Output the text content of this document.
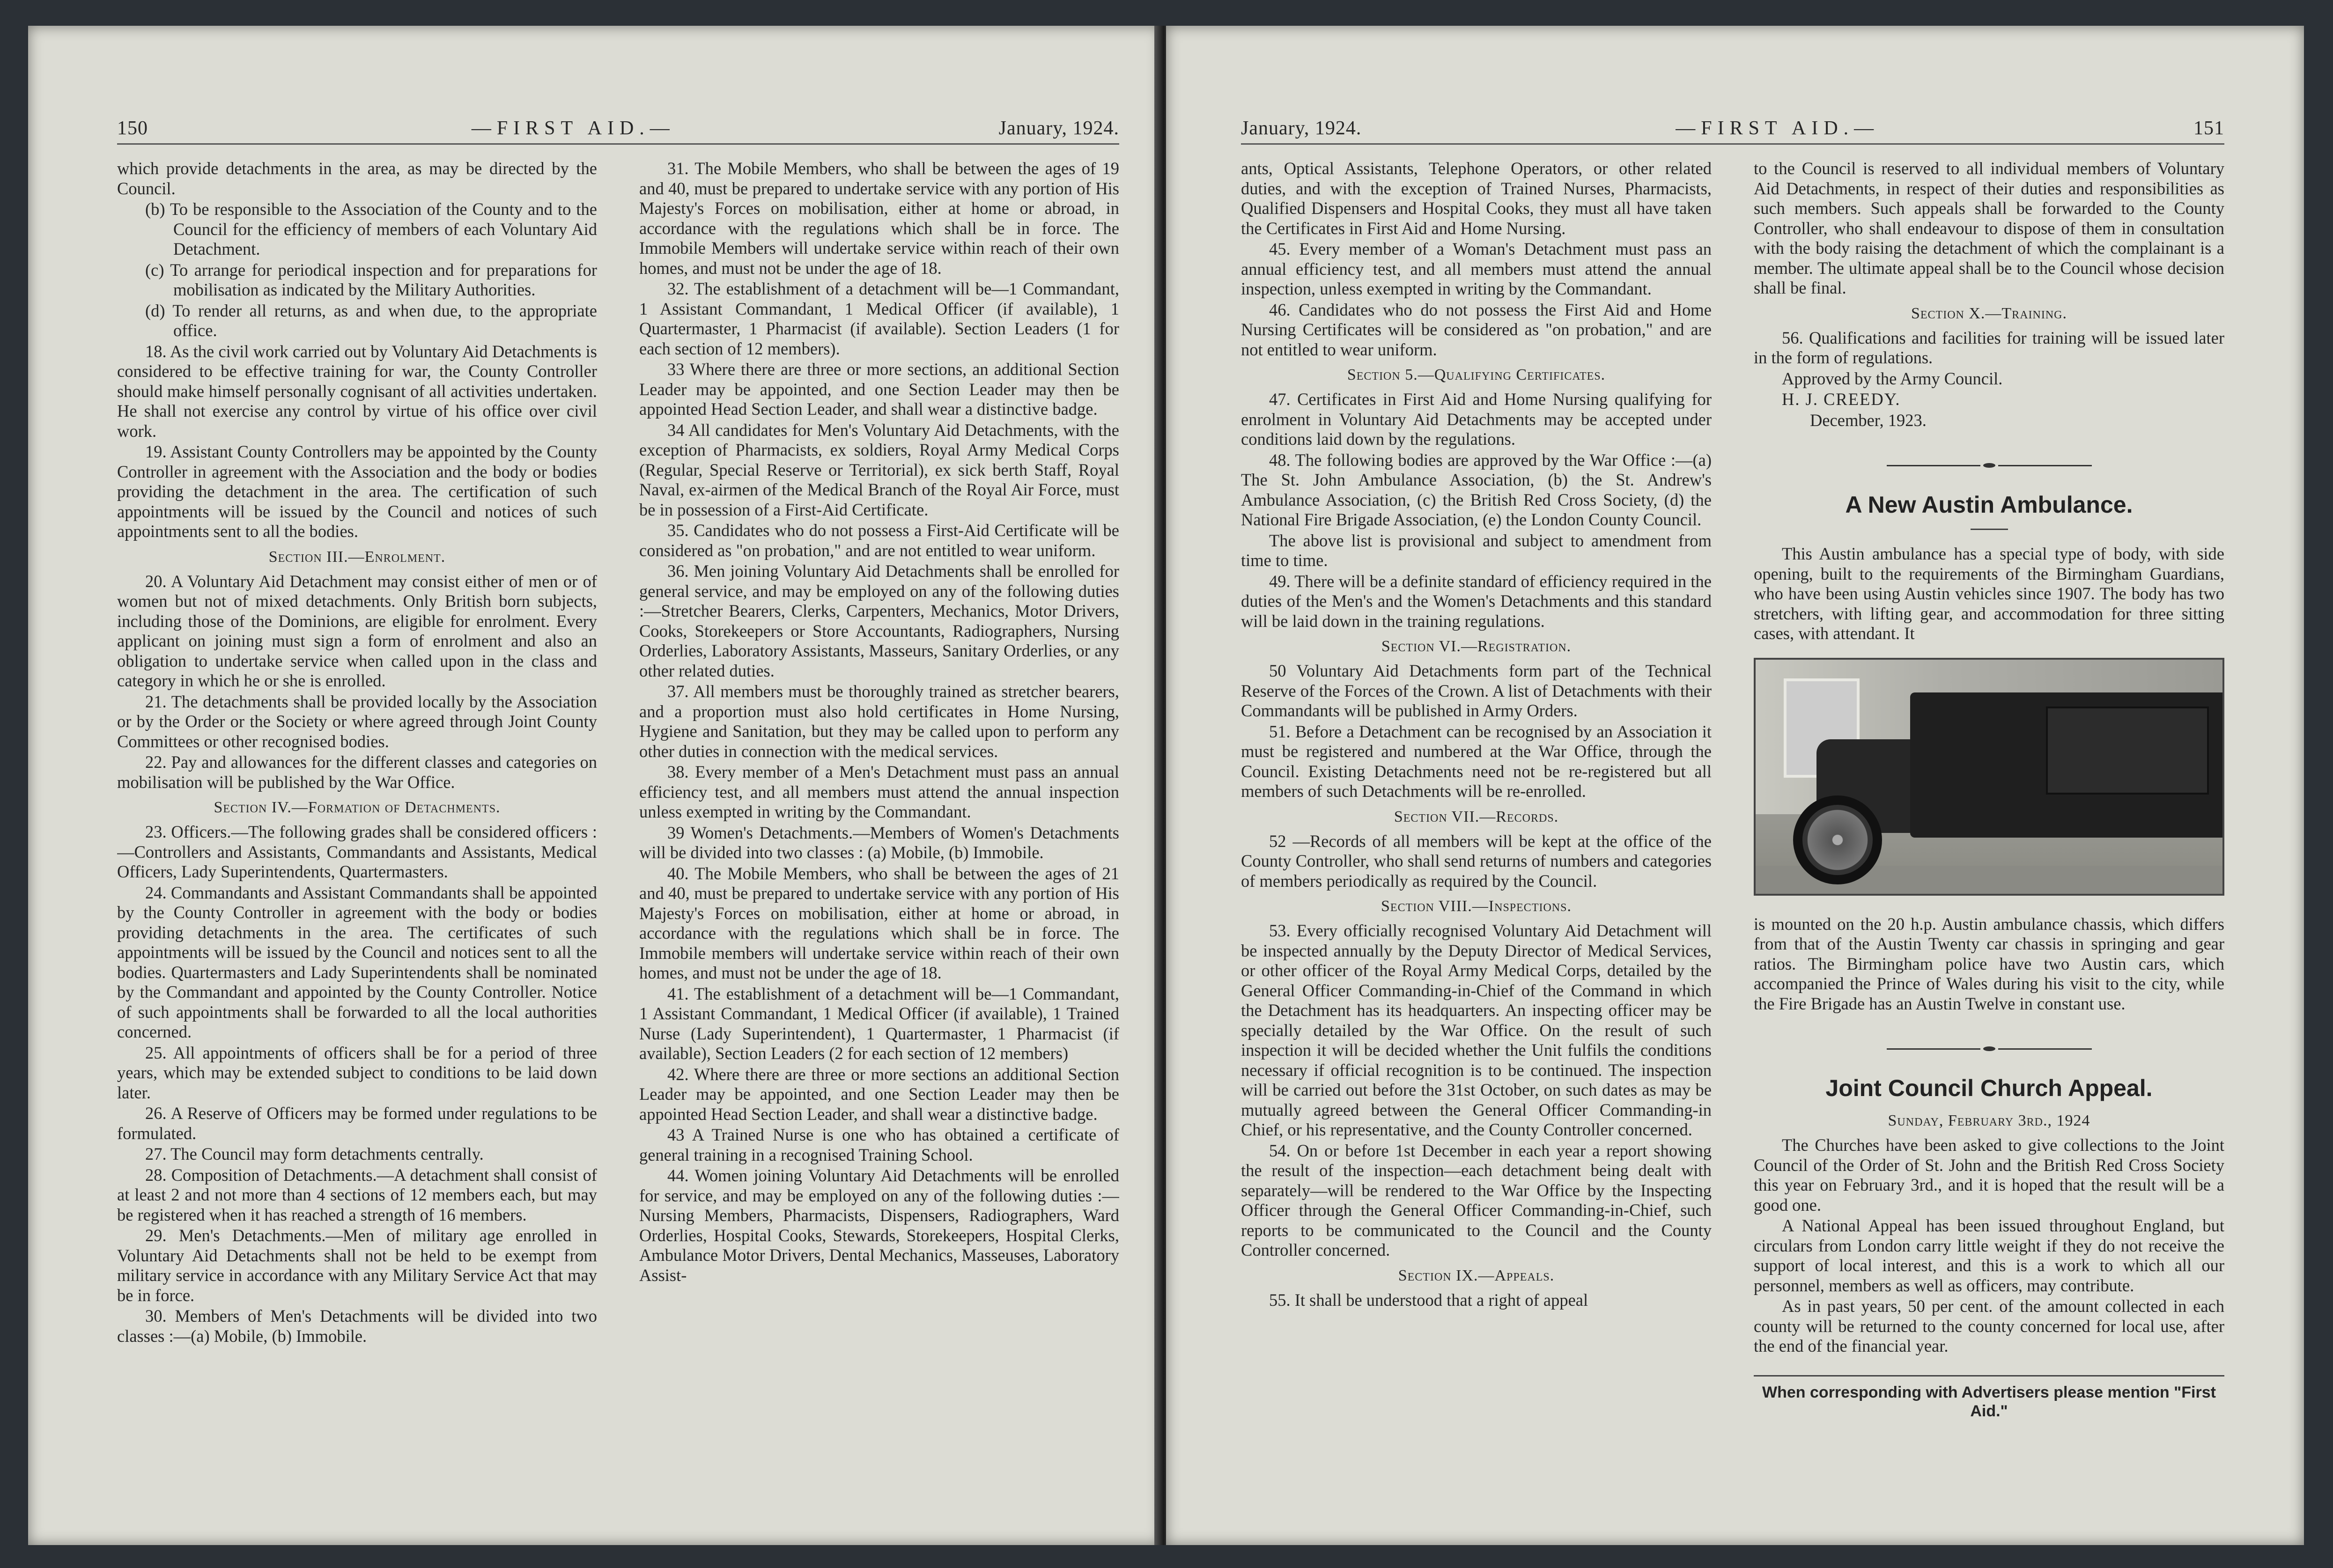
150	—FIRST AID.—	January, 1924.

which provide detachments in the area, as may be directed by the Council.

(b) To be responsible to the Association of the County and to the Council for the efficiency of members of each Voluntary Aid Detachment.

(c) To arrange for periodical inspection and for preparations for mobilisation as indicated by the Military Authorities.

(d) To render all returns, as and when due, to the appropriate office.

18. As the civil work carried out by Voluntary Aid Detachments is considered to be effective training for war, the County Controller should make himself personally cognisant of all activities undertaken. He shall not exercise any control by virtue of his office over civil work.

19. Assistant County Controllers may be appointed by the County Controller in agreement with the Association and the body or bodies providing the detachment in the area. The certification of such appointments will be issued by the Council and notices of such appointments sent to all the bodies.

Section III.—Enrolment.

20. A Voluntary Aid Detachment may consist either of men or of women but not of mixed detachments. Only British born subjects, including those of the Dominions, are eligible for enrolment. Every applicant on joining must sign a form of enrolment and also an obligation to undertake service when called upon in the class and category in which he or she is enrolled.

21. The detachments shall be provided locally by the Association or by the Order or the Society or where agreed through Joint County Committees or other recognised bodies.

22. Pay and allowances for the different classes and categories on mobilisation will be published by the War Office.

Section IV.—Formation of Detachments.

23. Officers.—The following grades shall be considered officers :—Controllers and Assistants, Commandants and Assistants, Medical Officers, Lady Superintendents, Quartermasters.

24. Commandants and Assistant Commandants shall be appointed by the County Controller in agreement with the body or bodies providing detachments in the area. The certificates of such appointments will be issued by the Council and notices sent to all the bodies. Quartermasters and Lady Superintendents shall be nominated by the Commandant and appointed by the County Controller. Notice of such appointments shall be forwarded to all the local authorities concerned.

25. All appointments of officers shall be for a period of three years, which may be extended subject to conditions to be laid down later.

26. A Reserve of Officers may be formed under regulations to be formulated.

27. The Council may form detachments centrally.

28. Composition of Detachments.—A detachment shall consist of at least 2 and not more than 4 sections of 12 members each, but may be registered when it has reached a strength of 16 members.

29. Men's Detachments.—Men of military age enrolled in Voluntary Aid Detachments shall not be held to be exempt from military service in accordance with any Military Service Act that may be in force.

30. Members of Men's Detachments will be divided into two classes :—(a) Mobile, (b) Immobile.

31. The Mobile Members, who shall be between the ages of 19 and 40, must be prepared to undertake service with any portion of His Majesty's Forces on mobilisation, either at home or abroad, in accordance with the regulations which shall be in force. The Immobile Members will undertake service within reach of their own homes, and must not be under the age of 18.

32. The establishment of a detachment will be—1 Commandant, 1 Assistant Commandant, 1 Medical Officer (if available), 1 Quartermaster, 1 Pharmacist (if available). Section Leaders (1 for each section of 12 members).

33 Where there are three or more sections, an additional Section Leader may be appointed, and one Section Leader may then be appointed Head Section Leader, and shall wear a distinctive badge.

34 All candidates for Men's Voluntary Aid Detachments, with the exception of Pharmacists, ex soldiers, Royal Army Medical Corps (Regular, Special Reserve or Territorial), ex sick berth Staff, Royal Naval, ex-airmen of the Medical Branch of the Royal Air Force, must be in possession of a First-Aid Certificate.

35. Candidates who do not possess a First-Aid Certificate will be considered as "on probation," and are not entitled to wear uniform.

36. Men joining Voluntary Aid Detachments shall be enrolled for general service, and may be employed on any of the following duties :—Stretcher Bearers, Clerks, Carpenters, Mechanics, Motor Drivers, Cooks, Storekeepers or Store Accountants, Radiographers, Nursing Orderlies, Laboratory Assistants, Masseurs, Sanitary Orderlies, or any other related duties.

37. All members must be thoroughly trained as stretcher bearers, and a proportion must also hold certificates in Home Nursing, Hygiene and Sanitation, but they may be called upon to perform any other duties in connection with the medical services.

38. Every member of a Men's Detachment must pass an annual efficiency test, and all members must attend the annual inspection unless exempted in writing by the Commandant.

39 Women's Detachments.—Members of Women's Detachments will be divided into two classes : (a) Mobile, (b) Immobile.

40. The Mobile Members, who shall be between the ages of 21 and 40, must be prepared to undertake service with any portion of His Majesty's Forces on mobilisation, either at home or abroad, in accordance with the regulations which shall be in force. The Immobile members will undertake service within reach of their own homes, and must not be under the age of 18.

41. The establishment of a detachment will be—1 Commandant, 1 Assistant Commandant, 1 Medical Officer (if available), 1 Trained Nurse (Lady Superintendent), 1 Quartermaster, 1 Pharmacist (if available), Section Leaders (2 for each section of 12 members)

42. Where there are three or more sections an additional Section Leader may be appointed, and one Section Leader may then be appointed Head Section Leader, and shall wear a distinctive badge.

43 A Trained Nurse is one who has obtained a certificate of general training in a recognised Training School.

44. Women joining Voluntary Aid Detachments will be enrolled for service, and may be employed on any of the following duties :—Nursing Members, Pharmacists, Dispensers, Radiographers, Ward Orderlies, Hospital Cooks, Stewards, Storekeepers, Hospital Clerks, Ambulance Motor Drivers, Dental Mechanics, Masseuses, Laboratory Assist-

January, 1924.	—FIRST AID.—	151

ants, Optical Assistants, Telephone Operators, or other related duties, and with the exception of Trained Nurses, Pharmacists, Qualified Dispensers and Hospital Cooks, they must all have taken the Certificates in First Aid and Home Nursing.

45. Every member of a Woman's Detachment must pass an annual efficiency test, and all members must attend the annual inspection, unless exempted in writing by the Commandant.

46. Candidates who do not possess the First Aid and Home Nursing Certificates will be considered as "on probation," and are not entitled to wear uniform.

Section 5.—Qualifying Certificates.

47. Certificates in First Aid and Home Nursing qualifying for enrolment in Voluntary Aid Detachments may be accepted under conditions laid down by the regulations.

48. The following bodies are approved by the War Office :—(a) The St. John Ambulance Association, (b) the St. Andrew's Ambulance Association, (c) the British Red Cross Society, (d) the National Fire Brigade Association, (e) the London County Council.

The above list is provisional and subject to amendment from time to time.

49. There will be a definite standard of efficiency required in the duties of the Men's and the Women's Detachments and this standard will be laid down in the training regulations.

Section VI.—Registration.

50 Voluntary Aid Detachments form part of the Technical Reserve of the Forces of the Crown. A list of Detachments with their Commandants will be published in Army Orders.

51. Before a Detachment can be recognised by an Association it must be registered and numbered at the War Office, through the Council. Existing Detachments need not be re-registered but all members of such Detachments will be re-enrolled.

Section VII.—Records.

52 —Records of all members will be kept at the office of the County Controller, who shall send returns of numbers and categories of members periodically as required by the Council.

Section VIII.—Inspections.

53. Every officially recognised Voluntary Aid Detachment will be inspected annually by the Deputy Director of Medical Services, or other officer of the Royal Army Medical Corps, detailed by the General Officer Commanding-in-Chief of the Command in which the Detachment has its headquarters. An inspecting officer may be specially detailed by the War Office. On the result of such inspection it will be decided whether the Unit fulfils the conditions necessary if official recognition is to be continued. The inspection will be carried out before the 31st October, on such dates as may be mutually agreed between the General Officer Commanding-in Chief, or his representative, and the County Controller concerned.

54. On or before 1st December in each year a report showing the result of the inspection—each detachment being dealt with separately—will be rendered to the War Office by the Inspecting Officer through the General Officer Commanding-in-Chief, such reports to be communicated to the Council and the County Controller concerned.

Section IX.—Appeals.

55. It shall be understood that a right of appeal

to the Council is reserved to all individual members of Voluntary Aid Detachments, in respect of their duties and responsibilities as such members. Such appeals shall be forwarded to the County Controller, who shall endeavour to dispose of them in consultation with the body raising the detachment of which the complainant is a member. The ultimate appeal shall be to the Council whose decision shall be final.

Section X.—Training.

56. Qualifications and facilities for training will be issued later in the form of regulations.

Approved by the Army Council.

H. J. CREEDY.

December, 1923.

A New Austin Ambulance.

This Austin ambulance has a special type of body, with side opening, built to the requirements of the Birmingham Guardians, who have been using Austin vehicles since 1907. The body has two stretchers, with lifting gear, and accommodation for three sitting cases, with attendant. It

is mounted on the 20 h.p. Austin ambulance chassis, which differs from that of the Austin Twenty car chassis in springing and gear ratios. The Birmingham police have two Austin cars, which accompanied the Prince of Wales during his visit to the city, while the Fire Brigade has an Austin Twelve in constant use.

Joint Council Church Appeal.
Sunday, February 3rd., 1924

The Churches have been asked to give collections to the Joint Council of the Order of St. John and the British Red Cross Society this year on February 3rd., and it is hoped that the result will be a good one.

A National Appeal has been issued throughout England, but circulars from London carry little weight if they do not receive the support of local interest, and this is a work to which all our personnel, members as well as officers, may contribute.

As in past years, 50 per cent. of the amount collected in each county will be returned to the county concerned for local use, after the end of the financial year.

When corresponding with Advertisers please mention "First Aid."
